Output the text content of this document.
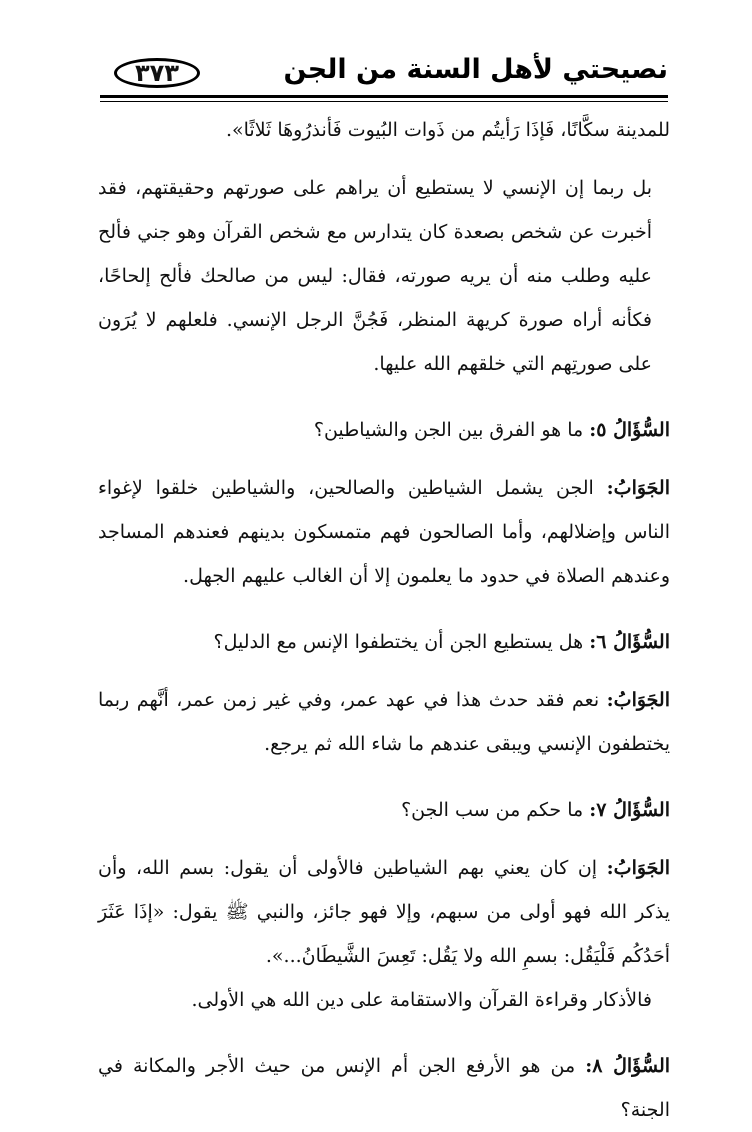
نصيحتي لأهل السنة من الجن
٣٧٣

للمدينة سكَّانًا، فَإذَا رَأيتُم من ذَوات البُيوت فَأنذرُوهَا ثَلاثًا».

بل ربما إن الإنسي لا يستطيع أن يراهم على صورتهم وحقيقتهم، فقد أخبرت عن شخص بصعدة كان يتدارس مع شخص القرآن وهو جني فألح عليه وطلب منه أن يريه صورته، فقال: ليس من صالحك فألح إلحاحًا، فكأنه أراه صورة كريهة المنظر، فَجُنَّ الرجل الإنسي. فلعلهم لا يُرَون على صورتِهم التي خلقهم الله عليها.

السُّؤَالُ ٥: ما هو الفرق بين الجن والشياطين؟

الجَوَابُ: الجن يشمل الشياطين والصالحين، والشياطين خلقوا لإغواء الناس وإضلالهم، وأما الصالحون فهم متمسكون بدينهم فعندهم المساجد وعندهم الصلاة في حدود ما يعلمون إلا أن الغالب عليهم الجهل.

السُّؤَالُ ٦: هل يستطيع الجن أن يختطفوا الإنس مع الدليل؟

الجَوَابُ: نعم فقد حدث هذا في عهد عمر، وفي غير زمن عمر، أنَّهم ربما يختطفون الإنسي ويبقى عندهم ما شاء الله ثم يرجع.

السُّؤَالُ ٧: ما حكم من سب الجن؟

الجَوَابُ: إن كان يعني بهم الشياطين فالأولى أن يقول: بسم الله، وأن يذكر الله فهو أولى من سبهم، وإلا فهو جائز، والنبي ﷺ يقول: «إذَا عَثَرَ أحَدُكُم فَلْيَقُل: بسمِ الله ولا يَقُل: تَعِسَ الشَّيطَانُ...».

فالأذكار وقراءة القرآن والاستقامة على دين الله هي الأولى.

السُّؤَالُ ٨: من هو الأرفع الجن أم الإنس من حيث الأجر والمكانة في الجنة؟
